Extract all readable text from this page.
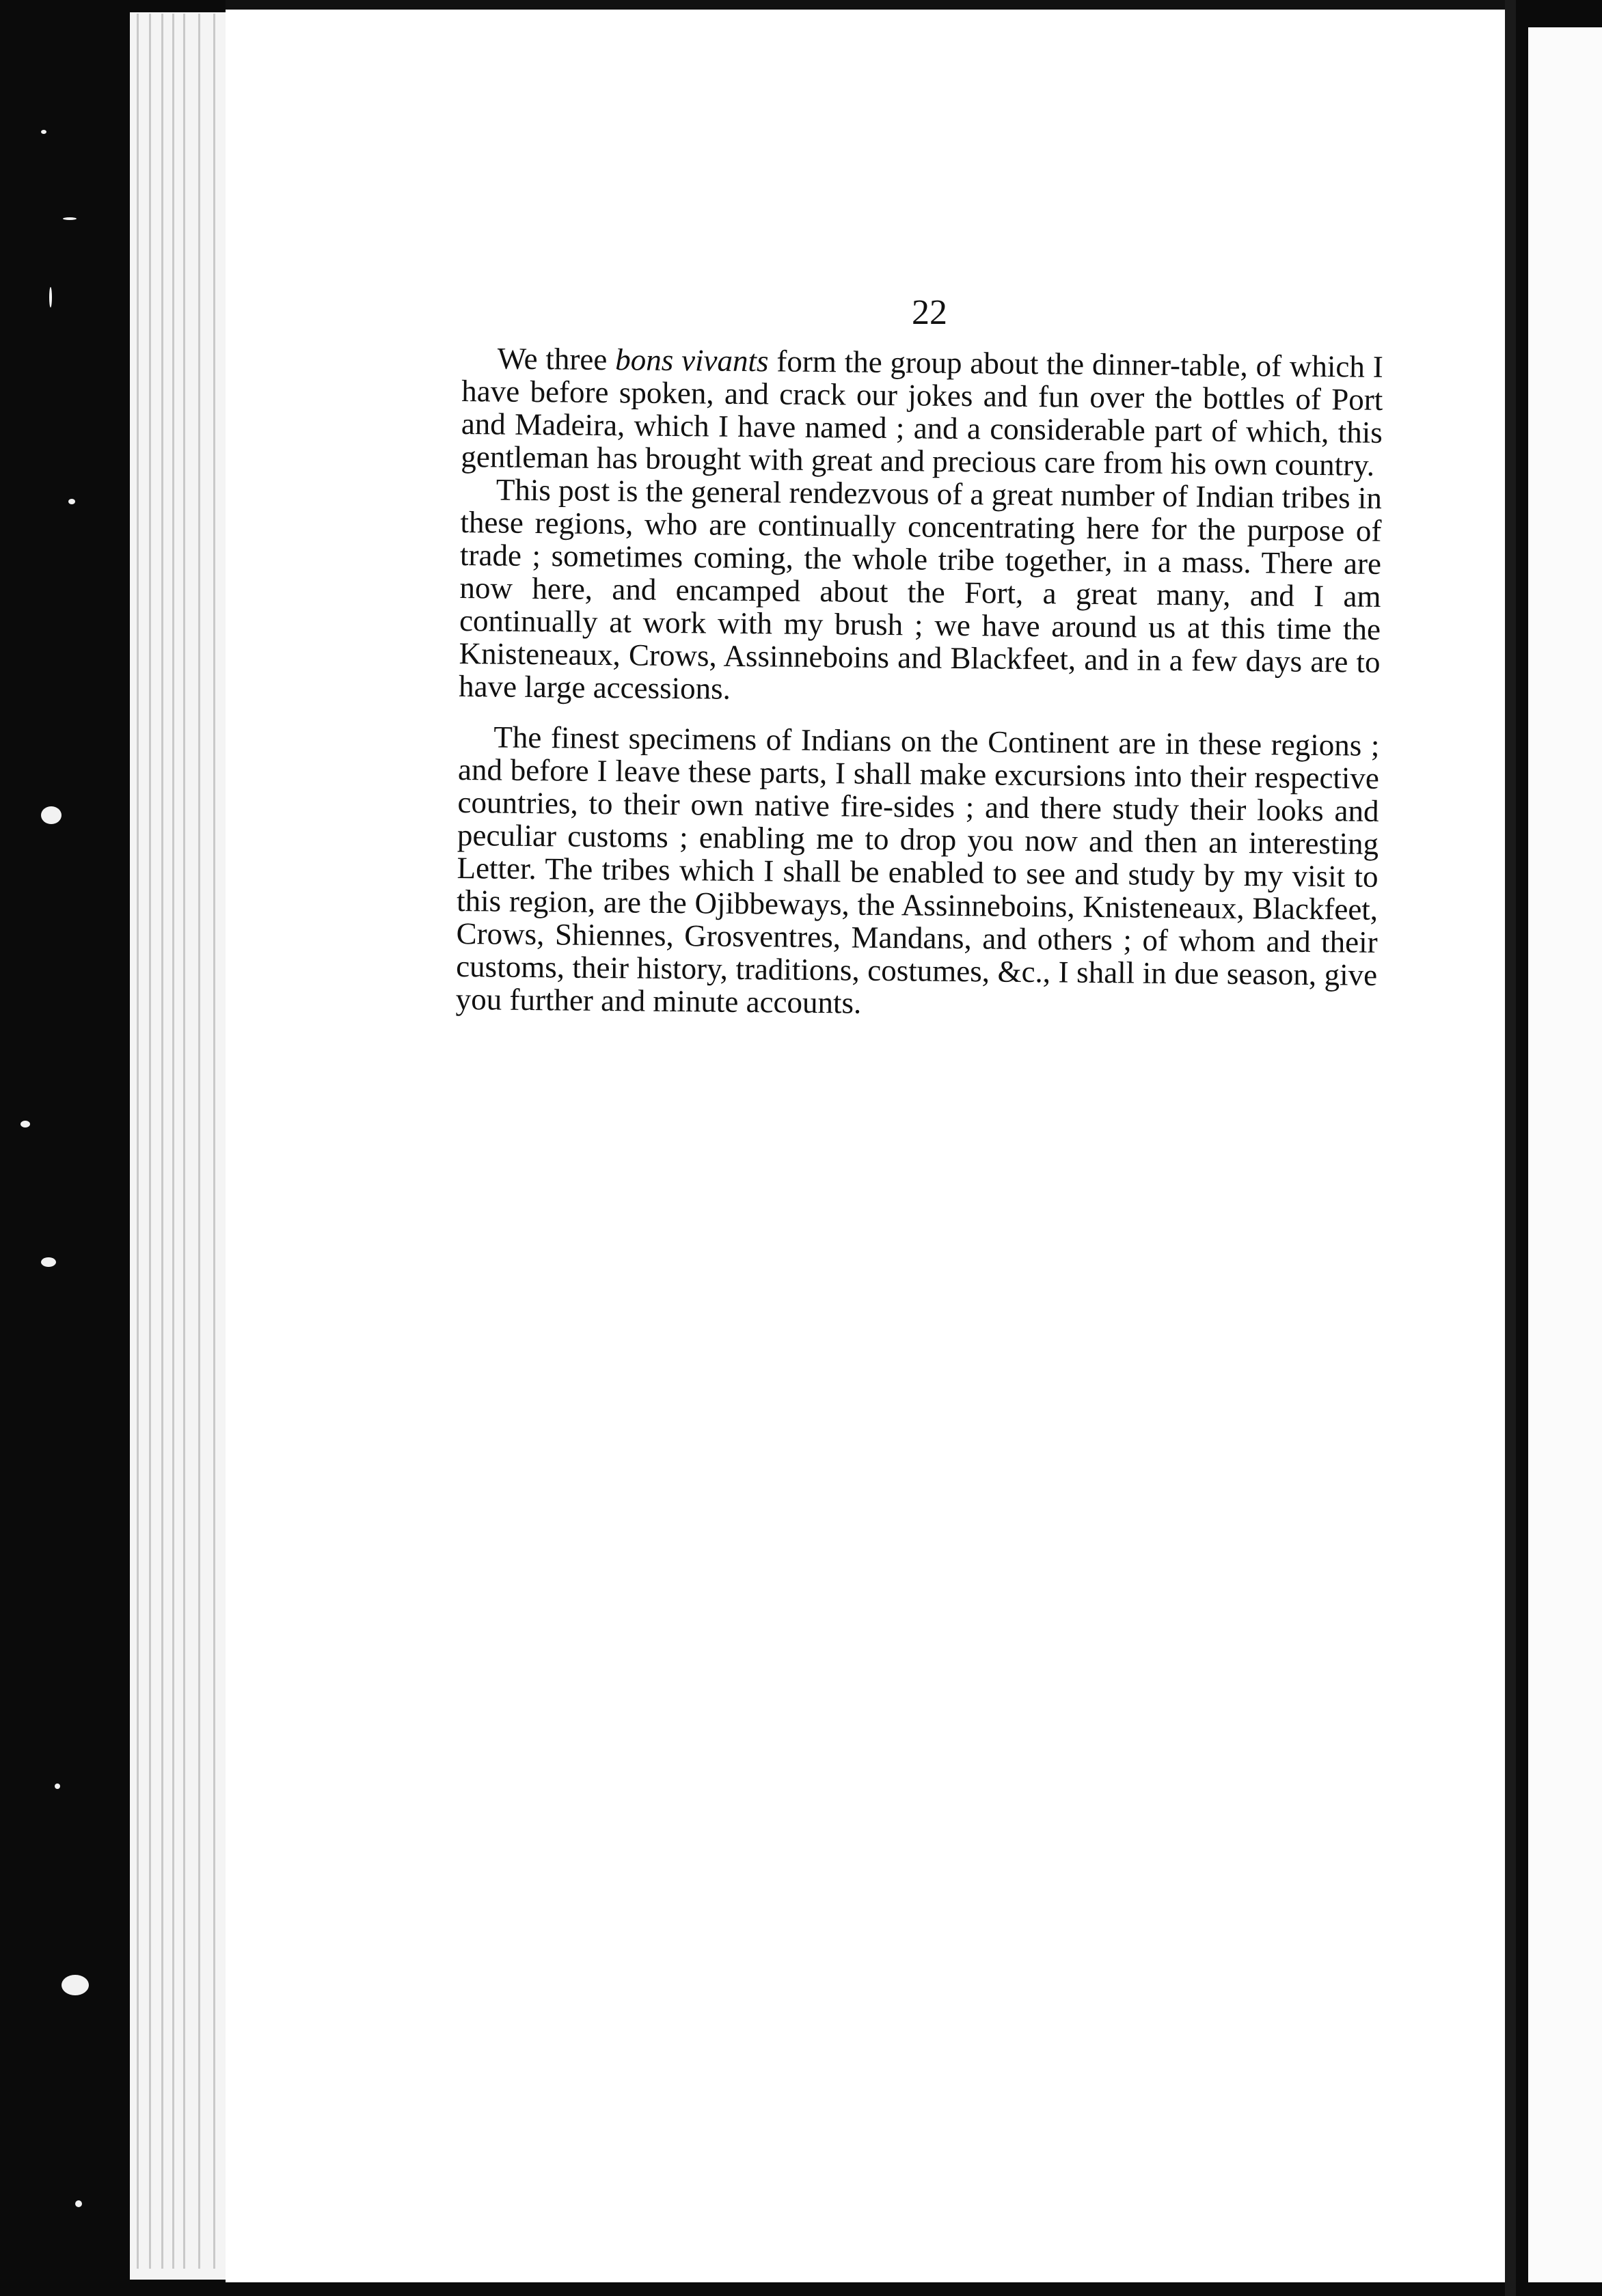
22

We three bons vivants form the group about the dinner-table, of which I have before spoken, and crack our jokes and fun over the bottles of Port and Madeira, which I have named ; and a considerable part of which, this gentleman has brought with great and precious care from his own country.

This post is the general rendezvous of a great number of Indian tribes in these regions, who are continually concentrating here for the purpose of trade ; sometimes coming, the whole tribe together, in a mass. There are now here, and encamped about the Fort, a great many, and I am continually at work with my brush ; we have around us at this time the Knisteneaux, Crows, Assinneboins and Blackfeet, and in a few days are to have large accessions.

The finest specimens of Indians on the Continent are in these regions ; and before I leave these parts, I shall make excursions into their respective countries, to their own native fire-sides ; and there study their looks and peculiar customs ; enabling me to drop you now and then an interesting Letter. The tribes which I shall be enabled to see and study by my visit to this region, are the Ojibbeways, the Assinneboins, Knisteneaux, Blackfeet, Crows, Shiennes, Grosventres, Mandans, and others ; of whom and their customs, their history, traditions, costumes, &c., I shall in due season, give you further and minute accounts.
